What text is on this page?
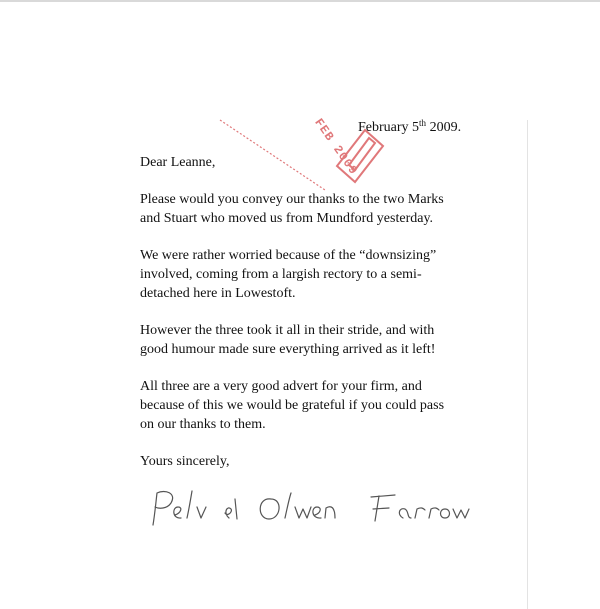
FEB 2009
February 5th 2009.
Dear Leanne,
Please would you convey our thanks to the two Marks
and Stuart who moved us from Mundford yesterday.
We were rather worried because of the “downsizing”
involved, coming from a largish rectory to a semi-
detached here in Lowestoft.
However the three took it all in their stride, and with
good humour made sure everything arrived as it left!
All three are a very good advert for your firm, and
because of this we would be grateful if you could pass
on our thanks to them.
Yours sincerely,
